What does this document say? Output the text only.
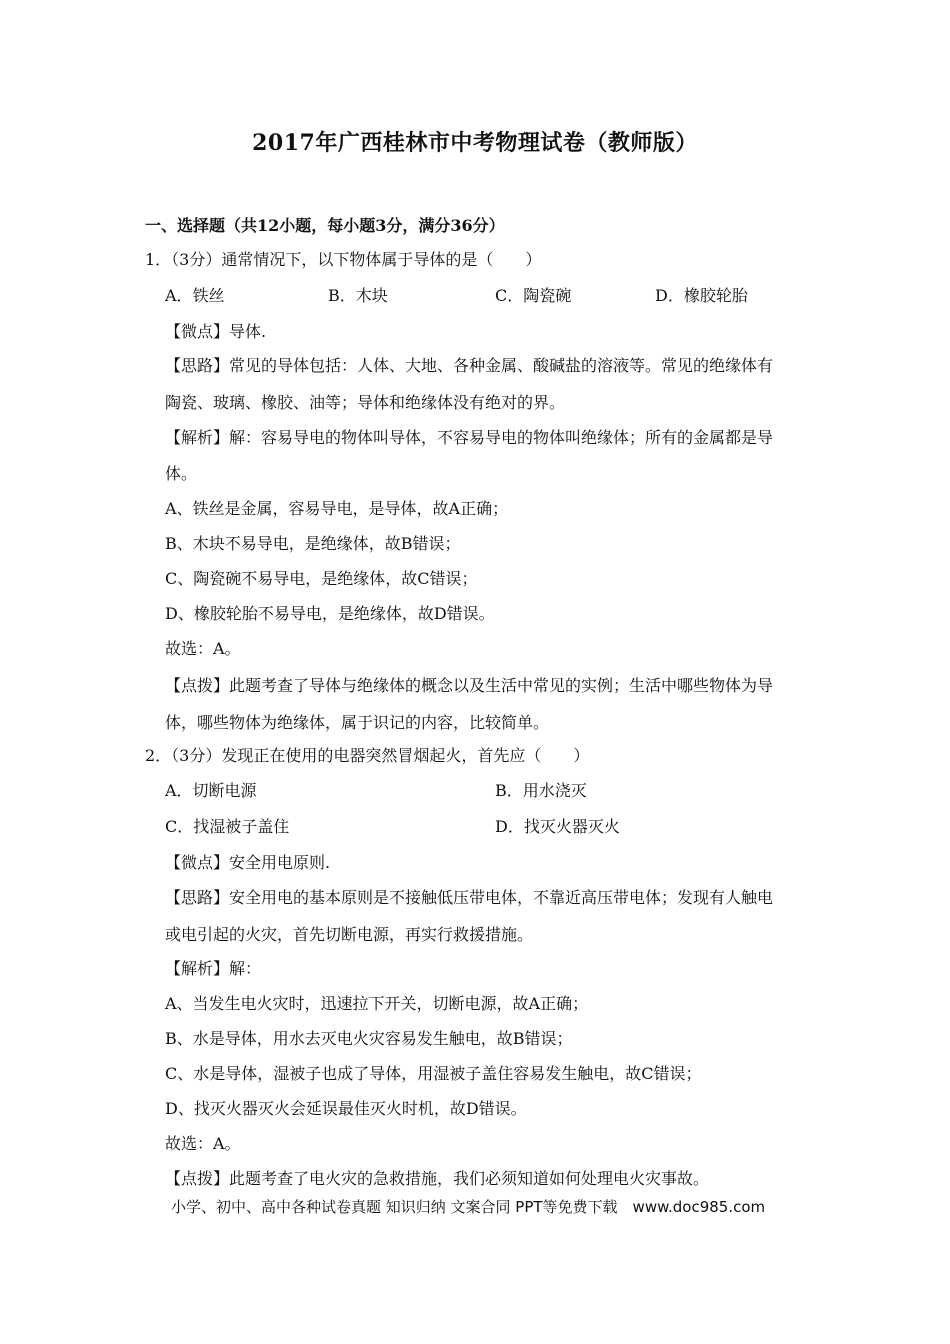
2017年广西桂林市中考物理试卷（教师版）
一、选择题（共12小题，每小题3分，满分36分）
1．（3分）通常情况下，以下物体属于导体的是（　　）
A．铁丝	B．木块	C．陶瓷碗	D．橡胶轮胎
【微点】导体.
【思路】常见的导体包括：人体、大地、各种金属、酸碱盐的溶液等。常见的绝缘体有
陶瓷、玻璃、橡胶、油等；导体和绝缘体没有绝对的界。
【解析】解：容易导电的物体叫导体，不容易导电的物体叫绝缘体；所有的金属都是导
体。
A、铁丝是金属，容易导电，是导体，故A正确；
B、木块不易导电，是绝缘体，故B错误；
C、陶瓷碗不易导电，是绝缘体，故C错误；
D、橡胶轮胎不易导电，是绝缘体，故D错误。
故选：A。
【点拨】此题考查了导体与绝缘体的概念以及生活中常见的实例；生活中哪些物体为导
体，哪些物体为绝缘体，属于识记的内容，比较简单。
2．（3分）发现正在使用的电器突然冒烟起火，首先应（　　）
A．切断电源	B．用水浇灭
C．找湿被子盖住	D．找灭火器灭火
【微点】安全用电原则.
【思路】安全用电的基本原则是不接触低压带电体，不靠近高压带电体；发现有人触电
或电引起的火灾，首先切断电源，再实行救援措施。
【解析】解：
A、当发生电火灾时，迅速拉下开关，切断电源，故A正确；
B、水是导体，用水去灭电火灾容易发生触电，故B错误；
C、水是导体，湿被子也成了导体，用湿被子盖住容易发生触电，故C错误；
D、找灭火器灭火会延误最佳灭火时机，故D错误。
故选：A。
【点拨】此题考查了电火灾的急救措施，我们必须知道如何处理电火灾事故。
小学、初中、高中各种试卷真题 知识归纳 文案合同 PPT等免费下载　www.doc985.com
